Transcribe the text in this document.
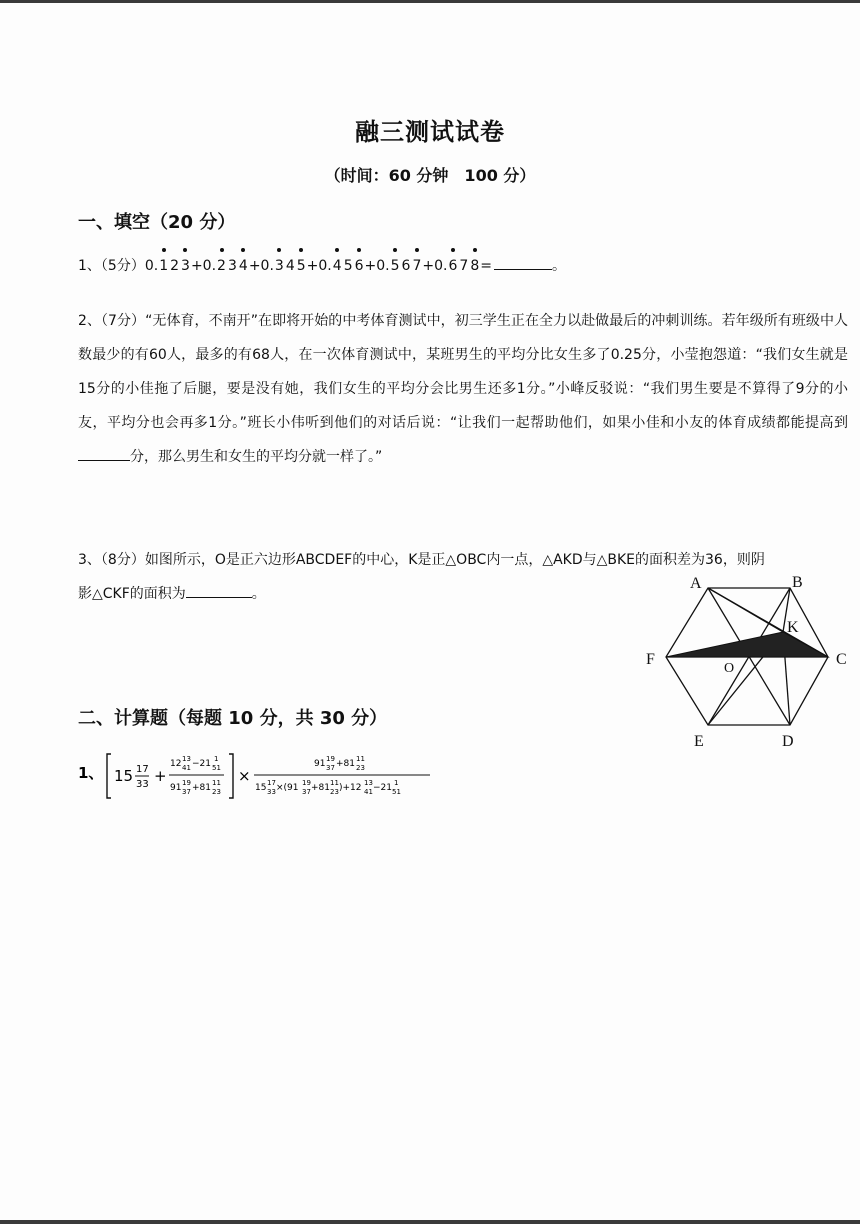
融三测试试卷
（时间：60 分钟　100 分）
一、填空（20 分）
1、（5分）0.1 2 3+0.2 3 4+0.3 4 5+0.4 5 6+0.5 6 7+0.6 7 8=	。
2、（7分）“无体育，不南开”在即将开始的中考体育测试中，初三学生正在全力以赴做最后的冲刺训练。若年级所有班级中人数最少的有60人，最多的有68人，在一次体育测试中，某班男生的平均分比女生多了0.25分，小莹抱怨道：“我们女生就是15分的小佳拖了后腿，要是没有她，我们女生的平均分会比男生还多1分。”小峰反驳说：“我们男生要是不算得了9分的小友，平均分也会再多1分。”班长小伟听到他们的对话后说：“让我们一起帮助他们，如果小佳和小友的体育成绩都能提高到分，那么男生和女生的平均分就一样了。”
3、（8分）如图所示，O是正六边形ABCDEF的中心，K是正△OBC内一点，△AKD与△BKE的面积差为36，则阴
影△CKF的面积为	。
A	B
C
D
E
F
K
O
二、计算题（每题 10 分，共 30 分）
1、 15 17
33 +
12 13
41 −21 1
51
91 19
37 +81 11
23
×
91 19
37 +81 11
23
15 17
33 ×(91 19
37 +81 11
23 )+12 13
41 −21 1
51
